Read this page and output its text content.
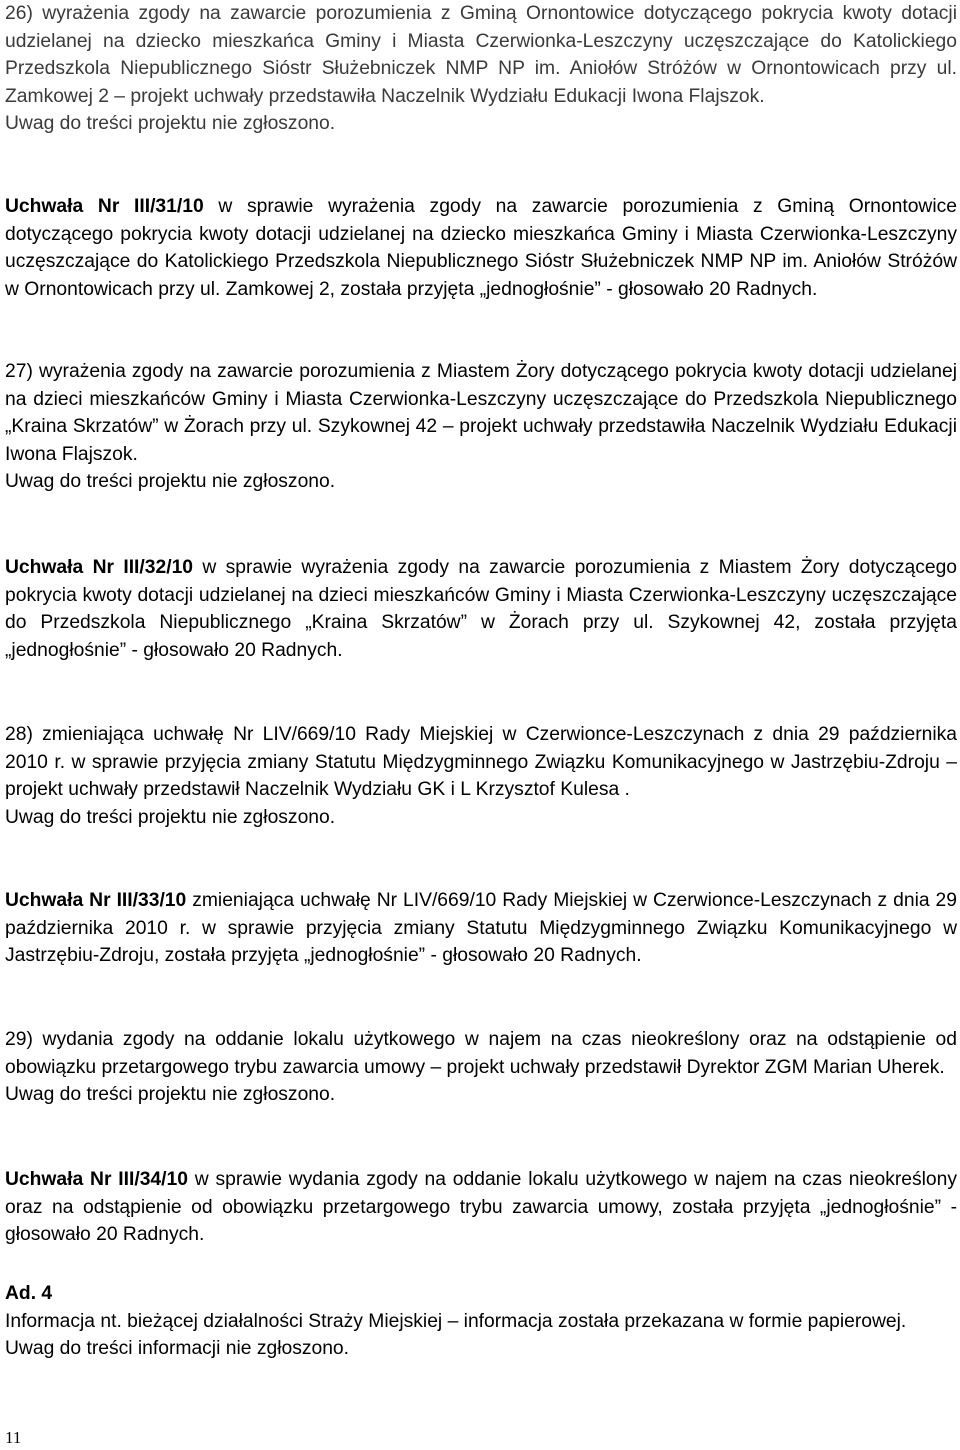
26) wyrażenia zgody na zawarcie porozumienia z Gminą Ornontowice dotyczącego pokrycia kwoty dotacji udzielanej na dziecko mieszkańca Gminy i Miasta Czerwionka-Leszczyny uczęszczające do Katolickiego Przedszkola Niepublicznego Sióstr Służebniczek NMP NP im. Aniołów Stróżów w Ornontowicach przy ul. Zamkowej 2 – projekt uchwały przedstawiła Naczelnik Wydziału Edukacji Iwona Flajszok.
Uwag do treści projektu nie zgłoszono.

Uchwała Nr III/31/10 w sprawie wyrażenia zgody na zawarcie porozumienia z Gminą Ornontowice dotyczącego pokrycia kwoty dotacji udzielanej na dziecko mieszkańca Gminy i Miasta Czerwionka-Leszczyny uczęszczające do Katolickiego Przedszkola Niepublicznego Sióstr Służebniczek NMP NP im. Aniołów Stróżów w Ornontowicach przy ul. Zamkowej 2, została przyjęta „jednogłośnie” - głosowało 20 Radnych.

27) wyrażenia zgody na zawarcie porozumienia z Miastem Żory dotyczącego pokrycia kwoty dotacji udzielanej na dzieci mieszkańców Gminy i Miasta Czerwionka-Leszczyny uczęszczające do Przedszkola Niepublicznego „Kraina Skrzatów” w Żorach przy ul. Szykownej 42 – projekt uchwały przedstawiła Naczelnik Wydziału Edukacji Iwona Flajszok.
Uwag do treści projektu nie zgłoszono.

Uchwała Nr III/32/10 w sprawie wyrażenia zgody na zawarcie porozumienia z Miastem Żory dotyczącego pokrycia kwoty dotacji udzielanej na dzieci mieszkańców Gminy i Miasta Czerwionka-Leszczyny uczęszczające do Przedszkola Niepublicznego „Kraina Skrzatów” w Żorach przy ul. Szykownej 42, została przyjęta „jednogłośnie” - głosowało 20 Radnych.

28) zmieniająca uchwałę Nr LIV/669/10 Rady Miejskiej w Czerwionce-Leszczynach z dnia 29 października 2010 r. w sprawie przyjęcia zmiany Statutu Międzygminnego Związku Komunikacyjnego w Jastrzębiu-Zdroju – projekt uchwały przedstawił Naczelnik Wydziału GK i L Krzysztof Kulesa .
Uwag do treści projektu nie zgłoszono.

Uchwała Nr III/33/10 zmieniająca uchwałę Nr LIV/669/10 Rady Miejskiej w Czerwionce-Leszczynach z dnia 29 października 2010 r. w sprawie przyjęcia zmiany Statutu Międzygminnego Związku Komunikacyjnego w Jastrzębiu-Zdroju, została przyjęta „jednogłośnie” - głosowało 20 Radnych.

29) wydania zgody na oddanie lokalu użytkowego w najem na czas nieokreślony oraz na odstąpienie od obowiązku przetargowego trybu zawarcia umowy – projekt uchwały przedstawił Dyrektor ZGM Marian Uherek.
Uwag do treści projektu nie zgłoszono.

Uchwała Nr III/34/10 w sprawie wydania zgody na oddanie lokalu użytkowego w najem na czas nieokreślony oraz na odstąpienie od obowiązku przetargowego trybu zawarcia umowy, została przyjęta „jednogłośnie” - głosowało 20 Radnych.

Ad. 4
Informacja nt. bieżącej działalności Straży Miejskiej – informacja została przekazana w formie papierowej.
Uwag do treści informacji nie zgłoszono.

11
